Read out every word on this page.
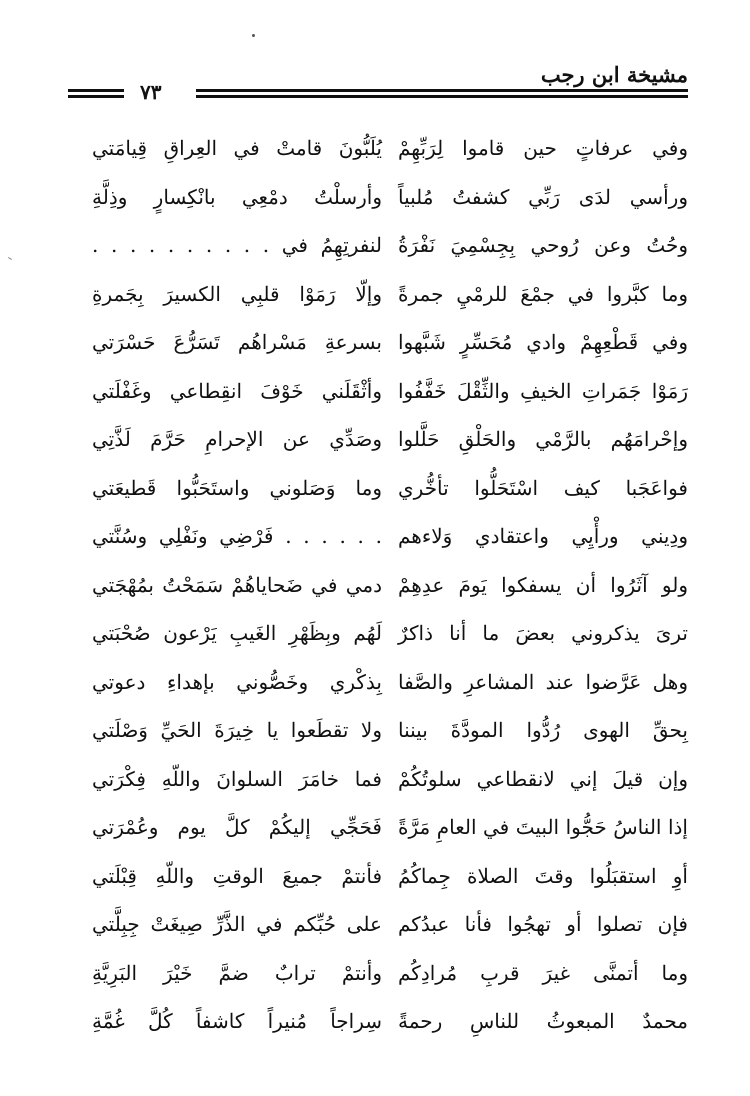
مشيخة ابن رجب
٧٣
وفي عرفاتٍ حين قاموا لِرَبِّهِمْ
يُلَبُّونَ قامتْ في العِراقِ قِيامَتي
ورأسي لدَى رَبِّي كشفتُ مُلبياً
وأرسلْتُ دمْعِي بانْكِسارٍ وذِلَّةِ
وحُتُ وعن رُوحي بِجِسْمِيَ نَفْرَةُ
لنفرتِهِمُ في . . . . . . . . . .
وما كبَّروا في جمْعَ للرمْيِ جمرةً
وإلّا رَمَوْا قلبِي الكسيرَ بِجَمرةِ
وفي قَطْعِهِمْ وادي مُحَسِّرٍ شَبَّهوا
بسرعةِ مَسْراهُم تَسَرُّعَ حَسْرَتي
رَمَوْا جَمَراتِ الخيفِ والثِّقْلَ خَفَّفُوا
وأثْقَلَني خَوْفَ انقِطاعي وغَفْلَتي
وإحْرامَهُم بالرَّمْي والحَلْقِ حَلَّلوا
وصَدِّي عن الإحرامِ حَرَّمَ لَذَّتِي
فواعَجَبا كيف اسْتَحَلُّوا تأخُّري
وما وَصَلوني واستَحَبُّوا قَطيعَتي
ودِيني ورأْيِي واعتقادي وَلاءهم
. . . . . . فَرْضِي ونَفْلِي وسُنَّتي
ولو آثَرُوا أن يسفكوا يَومَ عدِهِمْ
دمي في ضَحاياهُمْ سَمَحْتُ بمُهْجَتي
ترىَ يذكروني بعضَ ما أنا ذاكرٌ
لَهُم وبِظَهْرِ الغَيبِ يَرْعون صُحْبَتي
وهل عَرَّضوا عند المشاعرِ والصَّفا
بِذكْري وخَصُّوني بإهداءِ دعوتي
بِحقِّ الهوى رُدُّوا المودَّةَ بيننا
ولا تقطَعوا يا خِيرَةَ الحَيِّ وَصْلَتي
وإن قيلَ إني لانقطاعي سلوتُكُمْ
فما خامَرَ السلوانَ واللّهِ فِكْرَتي
إذا الناسُ حَجُّوا البيتَ في العامِ مَرَّةً
فَحَجِّي إليكُمْ كلَّ يوم وعُمْرَتي
أوِ استقبَلُوا وقتَ الصلاة جِماكُمُ
فأنتمْ جميعَ الوقتِ واللّهِ قِبْلَتي
فإن تصلوا أو تهجُوا فأنا عبدُكم
على حُبِّكم في الذَّرِّ صِيغَتْ جِبِلَّتي
وما أتمنَّى غيرَ قربِ مُرادِكُم
وأنتمْ ترابٌ ضمَّ خَيْرَ البَرِيَّةِ
محمدٌ المبعوثُ للناسِ رحمةً
سِراجاً مُنيراً كاشفاً كُلَّ غُمَّةِ
